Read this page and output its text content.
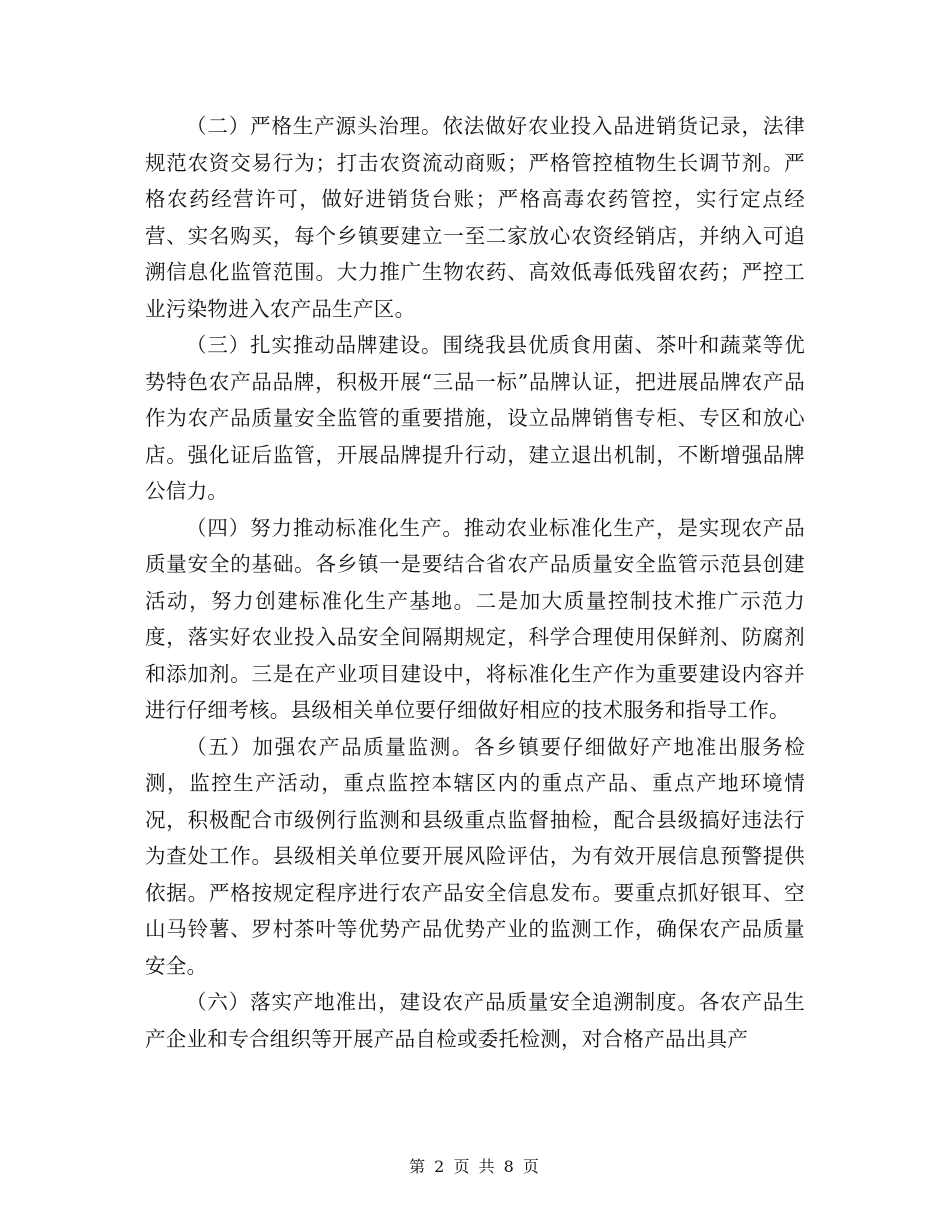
（二）严格生产源头治理。依法做好农业投入品进销货记录，法律规范农资交易行为；打击农资流动商贩；严格管控植物生长调节剂。严格农药经营许可，做好进销货台账；严格高毒农药管控，实行定点经营、实名购买，每个乡镇要建立一至二家放心农资经销店，并纳入可追溯信息化监管范围。大力推广生物农药、高效低毒低残留农药；严控工业污染物进入农产品生产区。

（三）扎实推动品牌建设。围绕我县优质食用菌、茶叶和蔬菜等优势特色农产品品牌，积极开展“三品一标”品牌认证，把进展品牌农产品作为农产品质量安全监管的重要措施，设立品牌销售专柜、专区和放心店。强化证后监管，开展品牌提升行动，建立退出机制，不断增强品牌公信力。

（四）努力推动标准化生产。推动农业标准化生产，是实现农产品质量安全的基础。各乡镇一是要结合省农产品质量安全监管示范县创建活动，努力创建标准化生产基地。二是加大质量控制技术推广示范力度，落实好农业投入品安全间隔期规定，科学合理使用保鲜剂、防腐剂和添加剂。三是在产业项目建设中，将标准化生产作为重要建设内容并进行仔细考核。县级相关单位要仔细做好相应的技术服务和指导工作。

（五）加强农产品质量监测。各乡镇要仔细做好产地准出服务检测，监控生产活动，重点监控本辖区内的重点产品、重点产地环境情况，积极配合市级例行监测和县级重点监督抽检，配合县级搞好违法行为查处工作。县级相关单位要开展风险评估，为有效开展信息预警提供依据。严格按规定程序进行农产品安全信息发布。要重点抓好银耳、空山马铃薯、罗村茶叶等优势产品优势产业的监测工作，确保农产品质量安全。

（六）落实产地准出，建设农产品质量安全追溯制度。各农产品生产企业和专合组织等开展产品自检或委托检测，对合格产品出具产

第 2 页 共 8 页
